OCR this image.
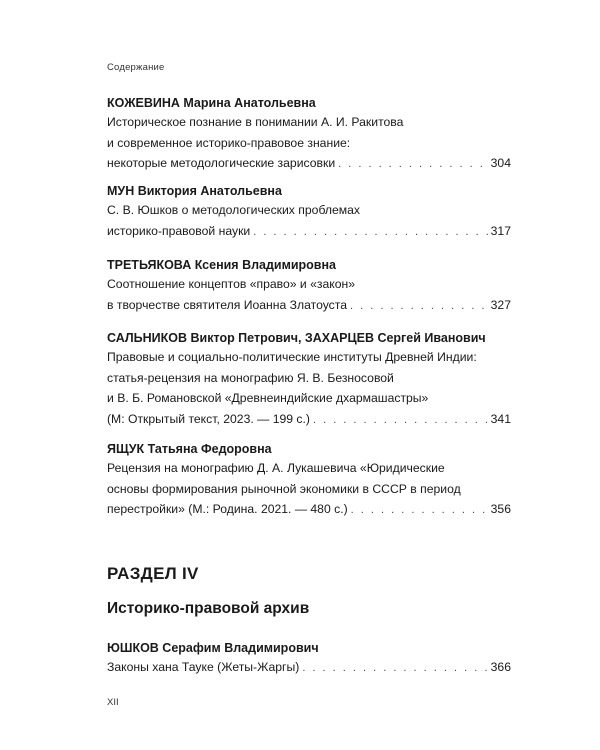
Содержание
КОЖЕВИНА Марина Анатольевна
Историческое познание в понимании А. И. Ракитова
и современное историко-правовое знание:
некоторые методологические зарисовки . . .	304
МУН Виктория Анатольевна
С. В. Юшков о методологических проблемах
историко-правовой науки . . .	317
ТРЕТЬЯКОВА Ксения Владимировна
Соотношение концептов «право» и «закон»
в творчестве святителя Иоанна Златоуста . . .	327
САЛЬНИКОВ Виктор Петрович, ЗАХАРЦЕВ Сергей Иванович
Правовые и социально-политические институты Древней Индии:
статья-рецензия на монографию Я. В. Безносовой
и В. Б. Романовской «Древнеиндийские дхармашастры»
(М: Открытый текст, 2023. — 199 с.) . . .	341
ЯЩУК Татьяна Федоровна
Рецензия на монографию Д. А. Лукашевича «Юридические
основы формирования рыночной экономики в СССР в период
перестройки» (М.: Родина. 2021. — 480 с.) . . .	356
РАЗДЕЛ IV
Историко-правовой архив
ЮШКОВ Серафим Владимирович
Законы хана Тауке (Жеты-Жаргы) . . .	366
XII
